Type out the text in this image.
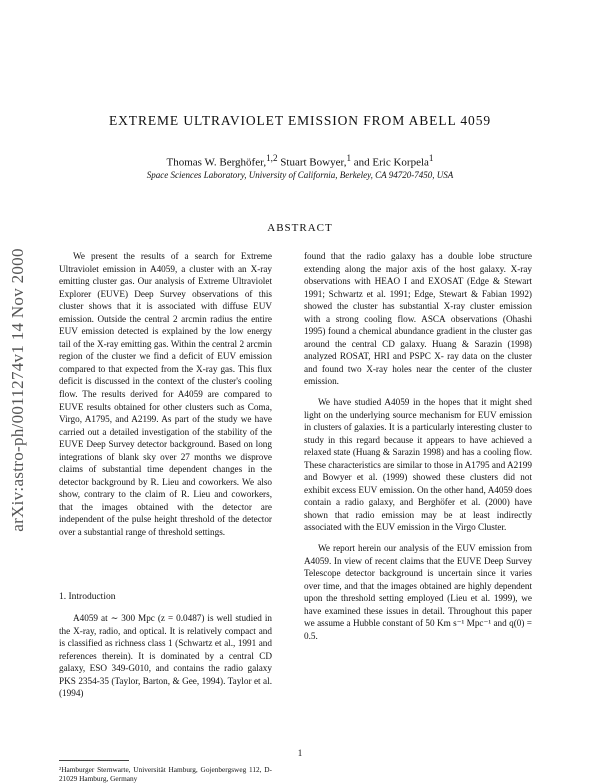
arXiv:astro-ph/0011274v1 14 Nov 2000
EXTREME ULTRAVIOLET EMISSION FROM ABELL 4059
Thomas W. Berghöfer,$^{1,2}$ Stuart Bowyer,$^1$ and Eric Korpela$^1$
Space Sciences Laboratory, University of California, Berkeley, CA 94720-7450, USA
ABSTRACT

We present the results of a search for Extreme Ultraviolet emission in A4059, a cluster with an X-ray emitting cluster gas. Our analysis of Extreme Ultraviolet Explorer (EUVE) Deep Survey observations of this cluster shows that it is associated with diffuse EUV emission. Outside the central 2 arcmin radius the entire EUV emission detected is explained by the low energy tail of the X-ray emitting gas. Within the central 2 arcmin region of the cluster we find a deficit of EUV emission compared to that expected from the X-ray gas. This flux deficit is discussed in the context of the cluster's cooling flow. The results derived for A4059 are compared to EUVE results obtained for other clusters such as Coma, Virgo, A1795, and A2199. As part of the study we have carried out a detailed investigation of the stability of the EUVE Deep Survey detector background. Based on long integrations of blank sky over 27 months we disprove claims of substantial time dependent changes in the detector background by R. Lieu and coworkers. We also show, contrary to the claim of R. Lieu and coworkers, that the images obtained with the detector are independent of the pulse height threshold of the detector over a substantial range of threshold settings.

1. Introduction

A4059 at ∼ 300 Mpc (z = 0.0487) is well studied in the X-ray, radio, and optical. It is relatively compact and is classified as richness class 1 (Schwartz et al., 1991 and references therein). It is dominated by a central CD galaxy, ESO 349-G010, and contains the radio galaxy PKS 2354-35 (Taylor, Barton, & Gee, 1994). Taylor et al. (1994)

²Hamburger Sternwarte, Universität Hamburg, Gojenbergsweg 112, D-21029 Hamburg, Germany

found that the radio galaxy has a double lobe structure extending along the major axis of the host galaxy. X-ray observations with HEAO I and EXOSAT (Edge & Stewart 1991; Schwartz et al. 1991; Edge, Stewart & Fabian 1992) showed the cluster has substantial X-ray cluster emission with a strong cooling flow. ASCA observations (Ohashi 1995) found a chemical abundance gradient in the cluster gas around the central CD galaxy. Huang & Sarazin (1998) analyzed ROSAT, HRI and PSPC X- ray data on the cluster and found two X-ray holes near the center of the cluster emission.

We have studied A4059 in the hopes that it might shed light on the underlying source mechanism for EUV emission in clusters of galaxies. It is a particularly interesting cluster to study in this regard because it appears to have achieved a relaxed state (Huang & Sarazin 1998) and has a cooling flow. These characteristics are similar to those in A1795 and A2199 and Bowyer et al. (1999) showed these clusters did not exhibit excess EUV emission. On the other hand, A4059 does contain a radio galaxy, and Berghöfer et al. (2000) have shown that radio emission may be at least indirectly associated with the EUV emission in the Virgo Cluster.

We report herein our analysis of the EUV emission from A4059. In view of recent claims that the EUVE Deep Survey Telescope detector background is uncertain since it varies over time, and that the images obtained are highly dependent upon the threshold setting employed (Lieu et al. 1999), we have examined these issues in detail. Throughout this paper we assume a Hubble constant of 50 Km s⁻¹ Mpc⁻¹ and q(0) = 0.5.

1
